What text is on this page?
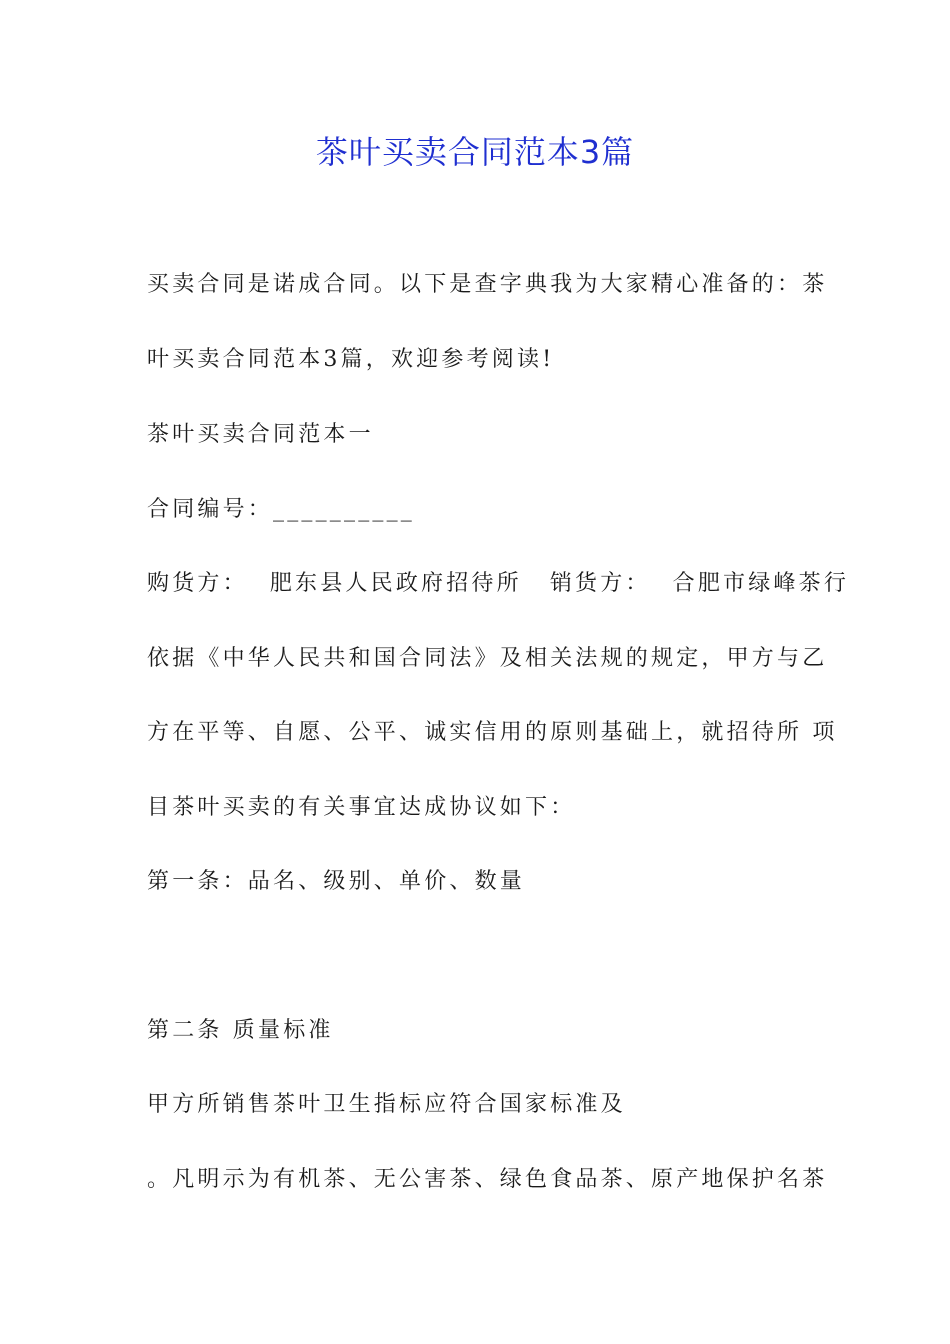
茶叶买卖合同范本3篇
买卖合同是诺成合同。以下是查字典我为大家精心准备的：茶
叶买卖合同范本3篇，欢迎参考阅读!
茶叶买卖合同范本一
合同编号：__________
购货方： 肥东县人民政府招待所 销货方： 合肥市绿峰茶行
依据《中华人民共和国合同法》及相关法规的规定，甲方与乙
方在平等、自愿、公平、诚实信用的原则基础上，就招待所 项
目茶叶买卖的有关事宜达成协议如下：
第一条：品名、级别、单价、数量
第二条 质量标准
甲方所销售茶叶卫生指标应符合国家标准及
。凡明示为有机茶、无公害茶、绿色食品茶、原产地保护名茶
